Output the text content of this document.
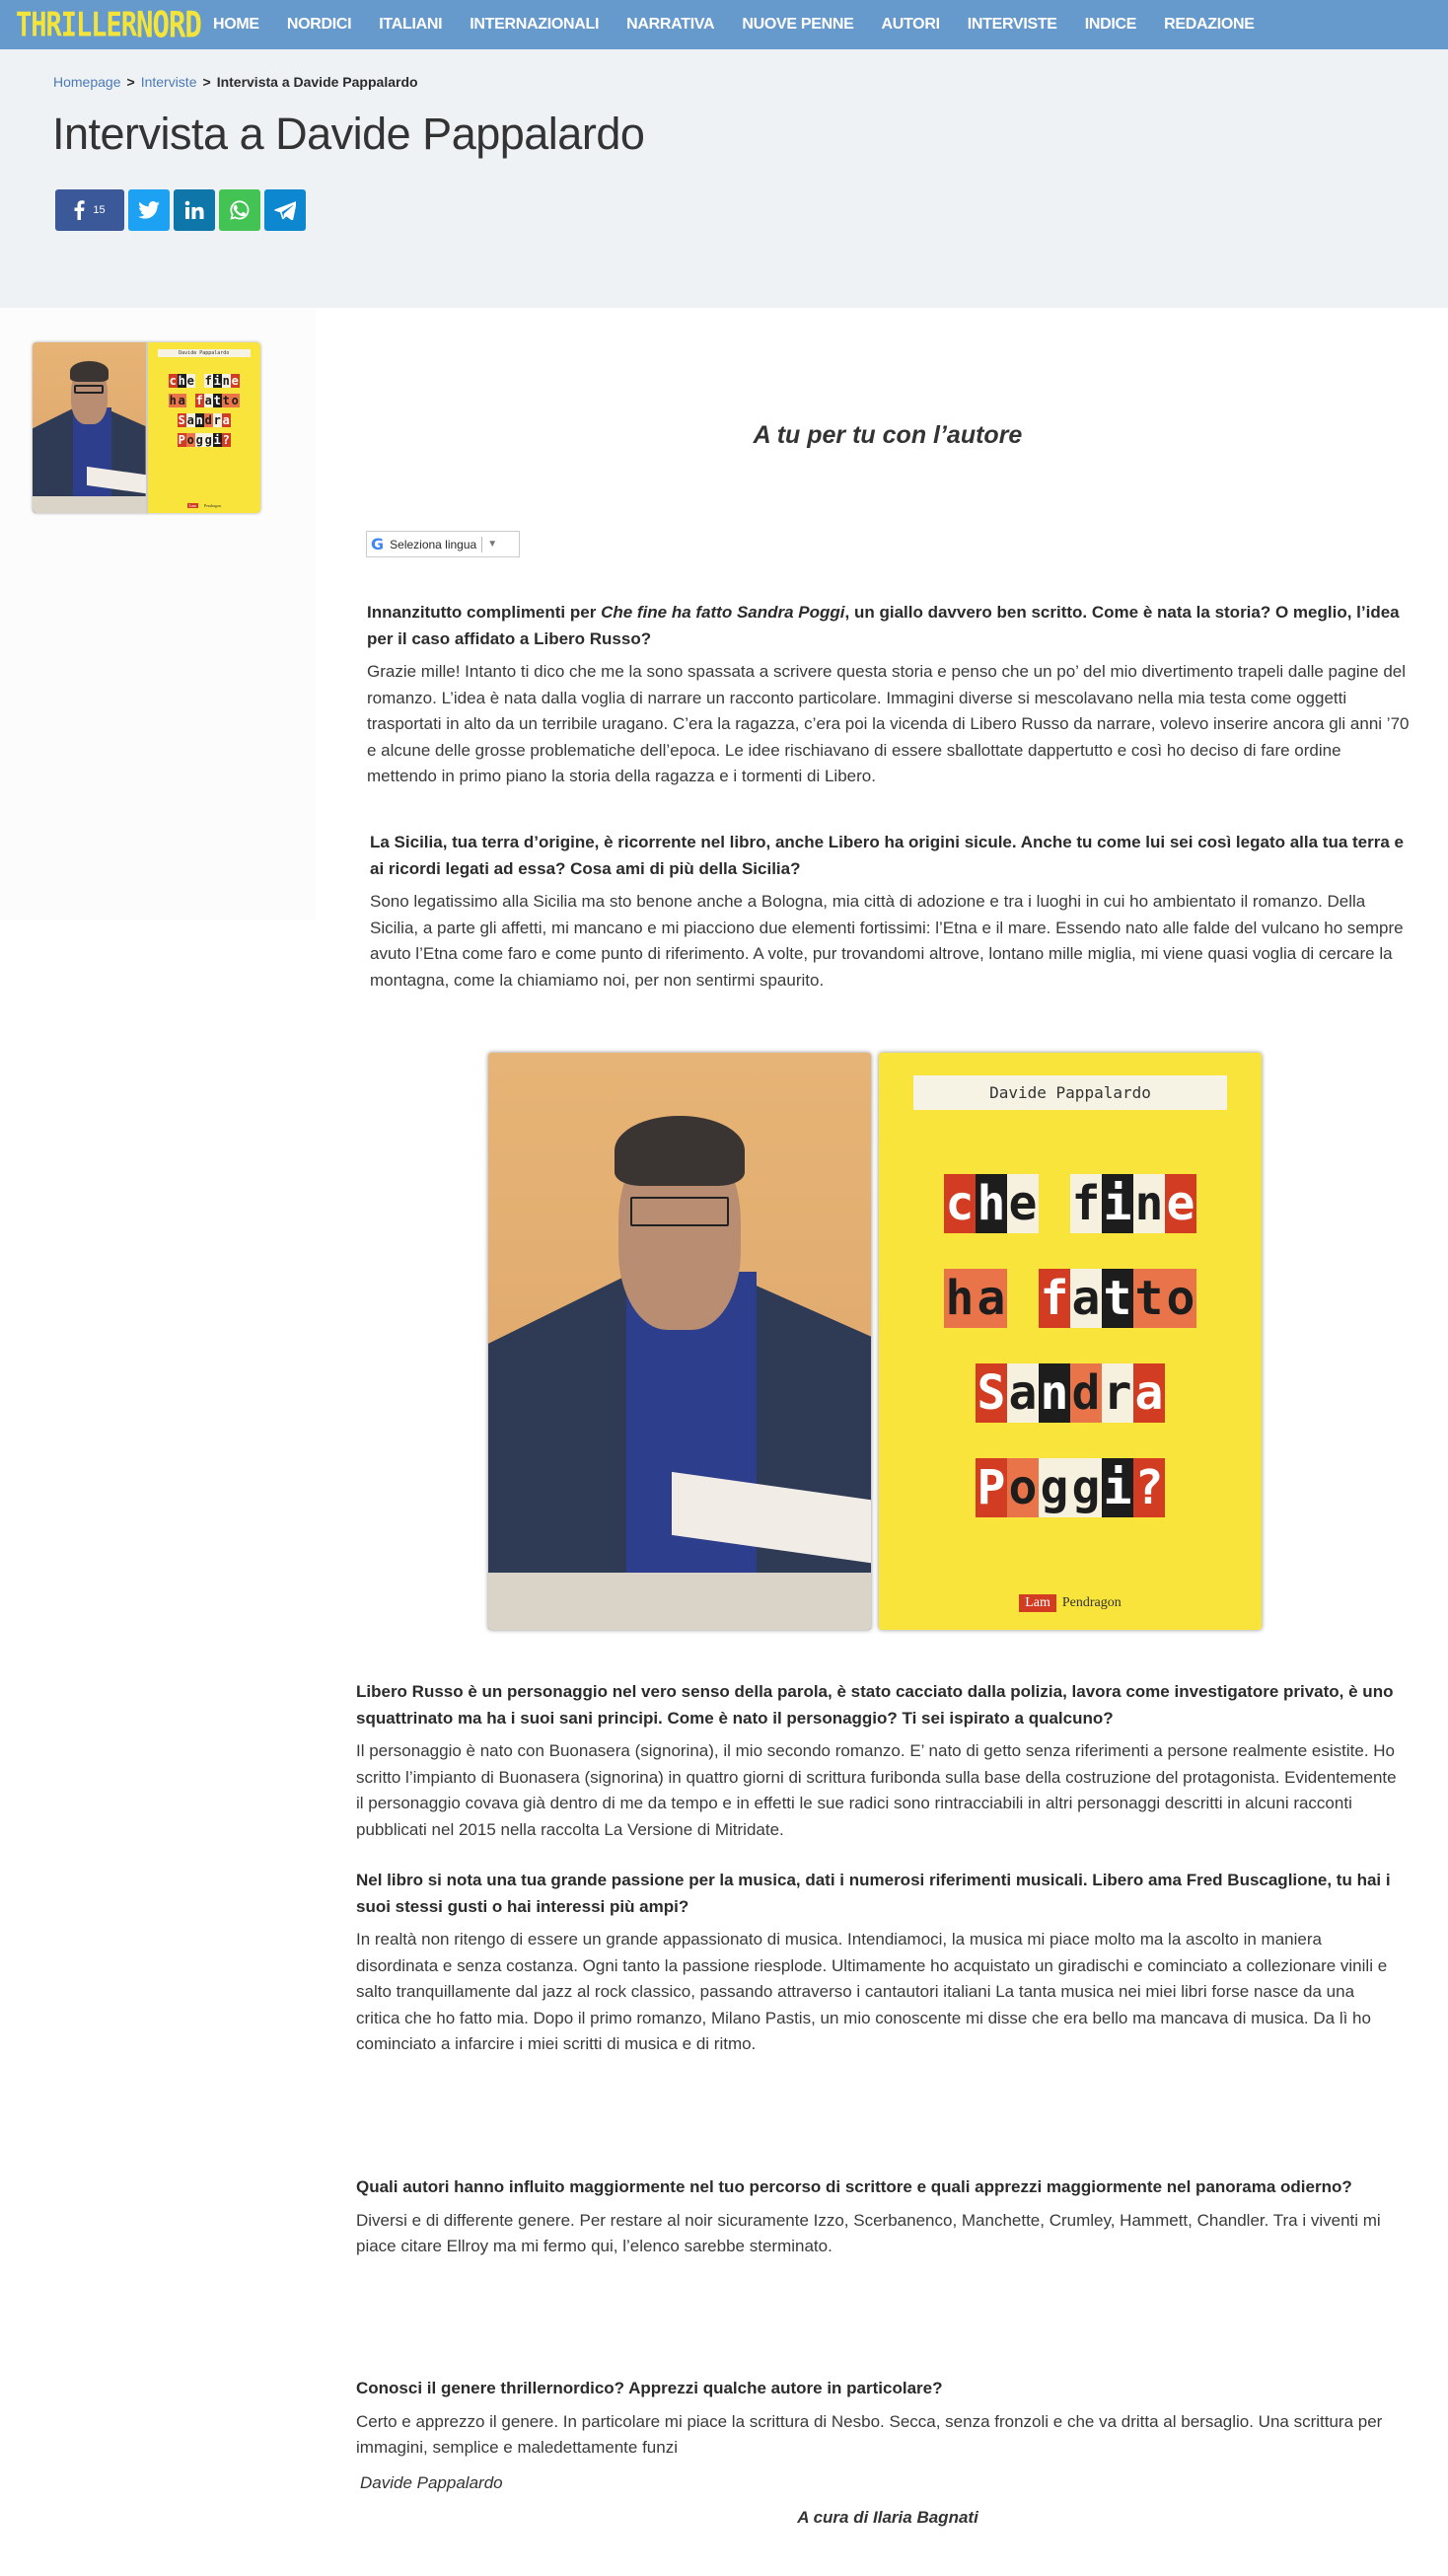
THRILLER NORD HOME NORDICI ITALIANI INTERNAZIONALI NARRATIVA NUOVE PENNE AUTORI INTERVISTE INDICE REDAZIONE
Homepage > Interviste > Intervista a Davide Pappalardo
Intervista a Davide Pappalardo
15
Davide Pappalardo
c h e
f i n e
h a
f a t t o
S a n d r a
P o g g i ?
Lam	Pendragon
A tu per tu con l’autore
G Seleziona lingua	▼

Innanzitutto complimenti per Che fine ha fatto Sandra Poggi, un giallo davvero ben scritto. Come è nata la storia? O meglio, l’idea per il caso affidato a Libero Russo?

Grazie mille! Intanto ti dico che me la sono spassata a scrivere questa storia e penso che un po’ del mio divertimento trapeli dalle pagine del romanzo. L’idea è nata dalla voglia di narrare un racconto particolare. Immagini diverse si mescolavano nella mia testa come oggetti trasportati in alto da un terribile uragano. C’era la ragazza, c’era poi la vicenda di Libero Russo da narrare, volevo inserire ancora gli anni ’70 e alcune delle grosse problematiche dell’epoca. Le idee rischiavano di essere sballottate dappertutto e così ho deciso di fare ordine mettendo in primo piano la storia della ragazza e i tormenti di Libero.

La Sicilia, tua terra d’origine, è ricorrente nel libro, anche Libero ha origini sicule. Anche tu come lui sei così legato alla tua terra e ai ricordi legati ad essa? Cosa ami di più della Sicilia?

Sono legatissimo alla Sicilia ma sto benone anche a Bologna, mia città di adozione e tra i luoghi in cui ho ambientato il romanzo. Della Sicilia, a parte gli affetti, mi mancano e mi piacciono due elementi fortissimi: l’Etna e il mare. Essendo nato alle falde del vulcano ho sempre avuto l’Etna come faro e come punto di riferimento. A volte, pur trovandomi altrove, lontano mille miglia, mi viene quasi voglia di cercare la montagna, come la chiamiamo noi, per non sentirmi spaurito.

Davide Pappalardo
c h e
f i n e
h a
f a t t o
S a n d r a
P o g g i ?
Lam Pendragon

Libero Russo è un personaggio nel vero senso della parola, è stato cacciato dalla polizia, lavora come investigatore privato, è uno squattrinato ma ha i suoi sani principi. Come è nato il personaggio? Ti sei ispirato a qualcuno?

Il personaggio è nato con Buonasera (signorina), il mio secondo romanzo. E’ nato di getto senza riferimenti a persone realmente esistite. Ho scritto l’impianto di Buonasera (signorina) in quattro giorni di scrittura furibonda sulla base della costruzione del protagonista. Evidentemente il personaggio covava già dentro di me da tempo e in effetti le sue radici sono rintracciabili in altri personaggi descritti in alcuni racconti pubblicati nel 2015 nella raccolta La Versione di Mitridate.

Nel libro si nota una tua grande passione per la musica, dati i numerosi riferimenti musicali. Libero ama Fred Buscaglione, tu hai i suoi stessi gusti o hai interessi più ampi?

In realtà non ritengo di essere un grande appassionato di musica. Intendiamoci, la musica mi piace molto ma la ascolto in maniera disordinata e senza costanza. Ogni tanto la passione riesplode. Ultimamente ho acquistato un giradischi e cominciato a collezionare vinili e salto tranquillamente dal jazz al rock classico, passando attraverso i cantautori italiani La tanta musica nei miei libri forse nasce da una critica che ho fatto mia. Dopo il primo romanzo, Milano Pastis, un mio conoscente mi disse che era bello ma mancava di musica. Da lì ho cominciato a infarcire i miei scritti di musica e di ritmo.

Quali autori hanno influito maggiormente nel tuo percorso di scrittore e quali apprezzi maggiormente nel panorama odierno?

Diversi e di differente genere. Per restare al noir sicuramente Izzo, Scerbanenco, Manchette, Crumley, Hammett, Chandler. Tra i viventi mi piace citare Ellroy ma mi fermo qui, l’elenco sarebbe sterminato.

Conosci il genere thrillernordico? Apprezzi qualche autore in particolare?

Certo e apprezzo il genere. In particolare mi piace la scrittura di Nesbo. Secca, senza fronzoli e che va dritta al bersaglio. Una scrittura per immagini, semplice e maledettamente funzi

Davide Pappalardo

A cura di Ilaria Bagnati
